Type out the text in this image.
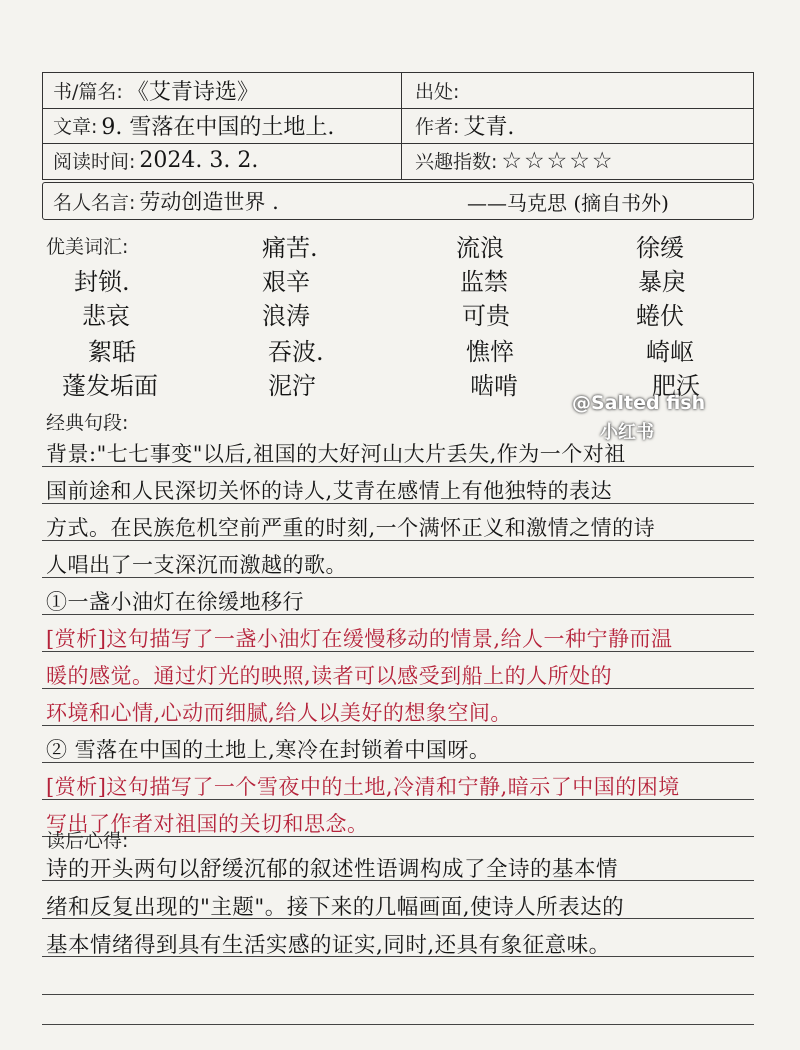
书/篇名: 《艾青诗选》	出处:
文章: 9. 雪落在中国的土地上.	作者: 艾青.
阅读时间: 2024. 3. 2.	兴趣指数: ☆☆☆☆☆
名人名言: 劳动创造世界 .	——马克思 (摘自书外)
优美词汇:	痛苦.	流浪	徐缓
封锁.	艰辛	监禁	暴戾
悲哀	浪涛	可贵	蜷伏
絮聒	吞波.	憔悴	崎岖
蓬发垢面	泥泞	啮啃	肥沃
@Salted fish
小红书
经典句段:
背景:"七七事变"以后,祖国的大好河山大片丢失,作为一个对祖
国前途和人民深切关怀的诗人,艾青在感情上有他独特的表达
方式。在民族危机空前严重的时刻,一个满怀正义和激情之情的诗
人唱出了一支深沉而激越的歌。
①一盏小油灯在徐缓地移行
[赏析]这句描写了一盏小油灯在缓慢移动的情景,给人一种宁静而温
暖的感觉。通过灯光的映照,读者可以感受到船上的人所处的
环境和心情,心动而细腻,给人以美好的想象空间。
② 雪落在中国的土地上,寒冷在封锁着中国呀。
[赏析]这句描写了一个雪夜中的土地,冷清和宁静,暗示了中国的困境
写出了作者对祖国的关切和思念。
读后心得:
诗的开头两句以舒缓沉郁的叙述性语调构成了全诗的基本情
绪和反复出现的"主题"。接下来的几幅画面,使诗人所表达的
基本情绪得到具有生活实感的证实,同时,还具有象征意味。
